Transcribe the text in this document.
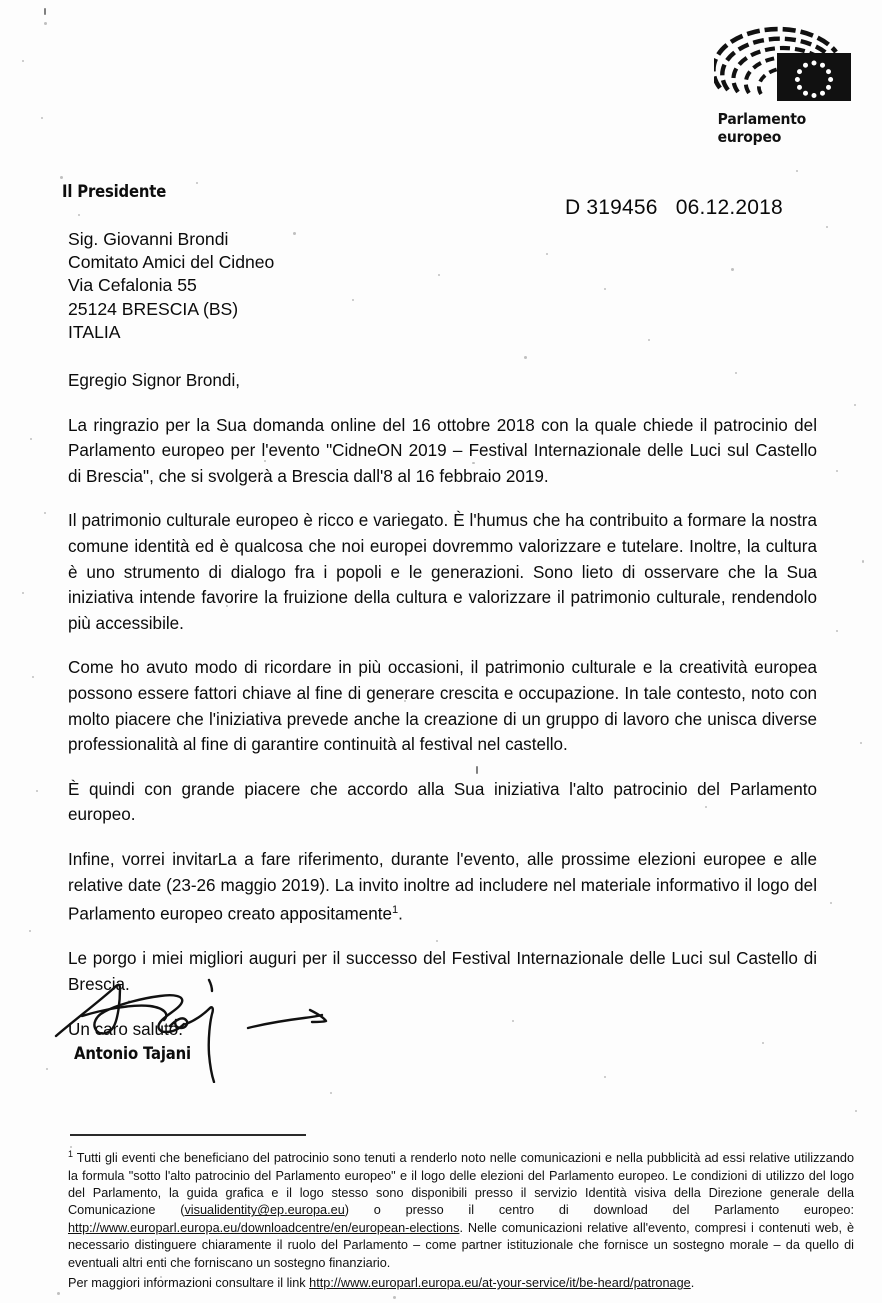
Parlamento europeo
Il Presidente
D 319456   06.12.2018
Sig. Giovanni Brondi
Comitato Amici del Cidneo
Via Cefalonia 55
25124 BRESCIA (BS)
ITALIA

Egregio Signor Brondi,

La ringrazio per la Sua domanda online del 16 ottobre 2018 con la quale chiede il patrocinio del Parlamento europeo per l'evento "CidneON 2019 – Festival Internazionale delle Luci sul Castello di Brescia", che si svolgerà a Brescia dall'8 al 16 febbraio 2019.

Il patrimonio culturale europeo è ricco e variegato. È l'humus che ha contribuito a formare la nostra comune identità ed è qualcosa che noi europei dovremmo valorizzare e tutelare. Inoltre, la cultura è uno strumento di dialogo fra i popoli e le generazioni. Sono lieto di osservare che la Sua iniziativa intende favorire la fruizione della cultura e valorizzare il patrimonio culturale, rendendolo più accessibile.

Come ho avuto modo di ricordare in più occasioni, il patrimonio culturale e la creatività europea possono essere fattori chiave al fine di generare crescita e occupazione. In tale contesto, noto con molto piacere che l'iniziativa prevede anche la creazione di un gruppo di lavoro che unisca diverse professionalità al fine di garantire continuità al festival nel castello.

È quindi con grande piacere che accordo alla Sua iniziativa l'alto patrocinio del Parlamento europeo.

Infine, vorrei invitarLa a fare riferimento, durante l'evento, alle prossime elezioni europee e alle relative date (23-26 maggio 2019). La invito inoltre ad includere nel materiale informativo il logo del Parlamento europeo creato appositamente$^1$.

Le porgo i miei migliori auguri per il successo del Festival Internazionale delle Luci sul Castello di Brescia.

Un caro saluto.

Antonio Tajani

$^1$ Tutti gli eventi che beneficiano del patrocinio sono tenuti a renderlo noto nelle comunicazioni e nella pubblicità ad essi relative utilizzando la formula "sotto l'alto patrocinio del Parlamento europeo" e il logo delle elezioni del Parlamento europeo. Le condizioni di utilizzo del logo del Parlamento, la guida grafica e il logo stesso sono disponibili presso il servizio Identità visiva della Direzione generale della Comunicazione (visualidentity@ep.europa.eu) o presso il centro di download del Parlamento europeo: http://www.europarl.europa.eu/downloadcentre/en/european-elections. Nelle comunicazioni relative all'evento, compresi i contenuti web, è necessario distinguere chiaramente il ruolo del Parlamento – come partner istituzionale che fornisce un sostegno morale – da quello di eventuali altri enti che forniscano un sostegno finanziario.

Per maggiori informazioni consultare il link http://www.europarl.europa.eu/at-your-service/it/be-heard/patronage.
